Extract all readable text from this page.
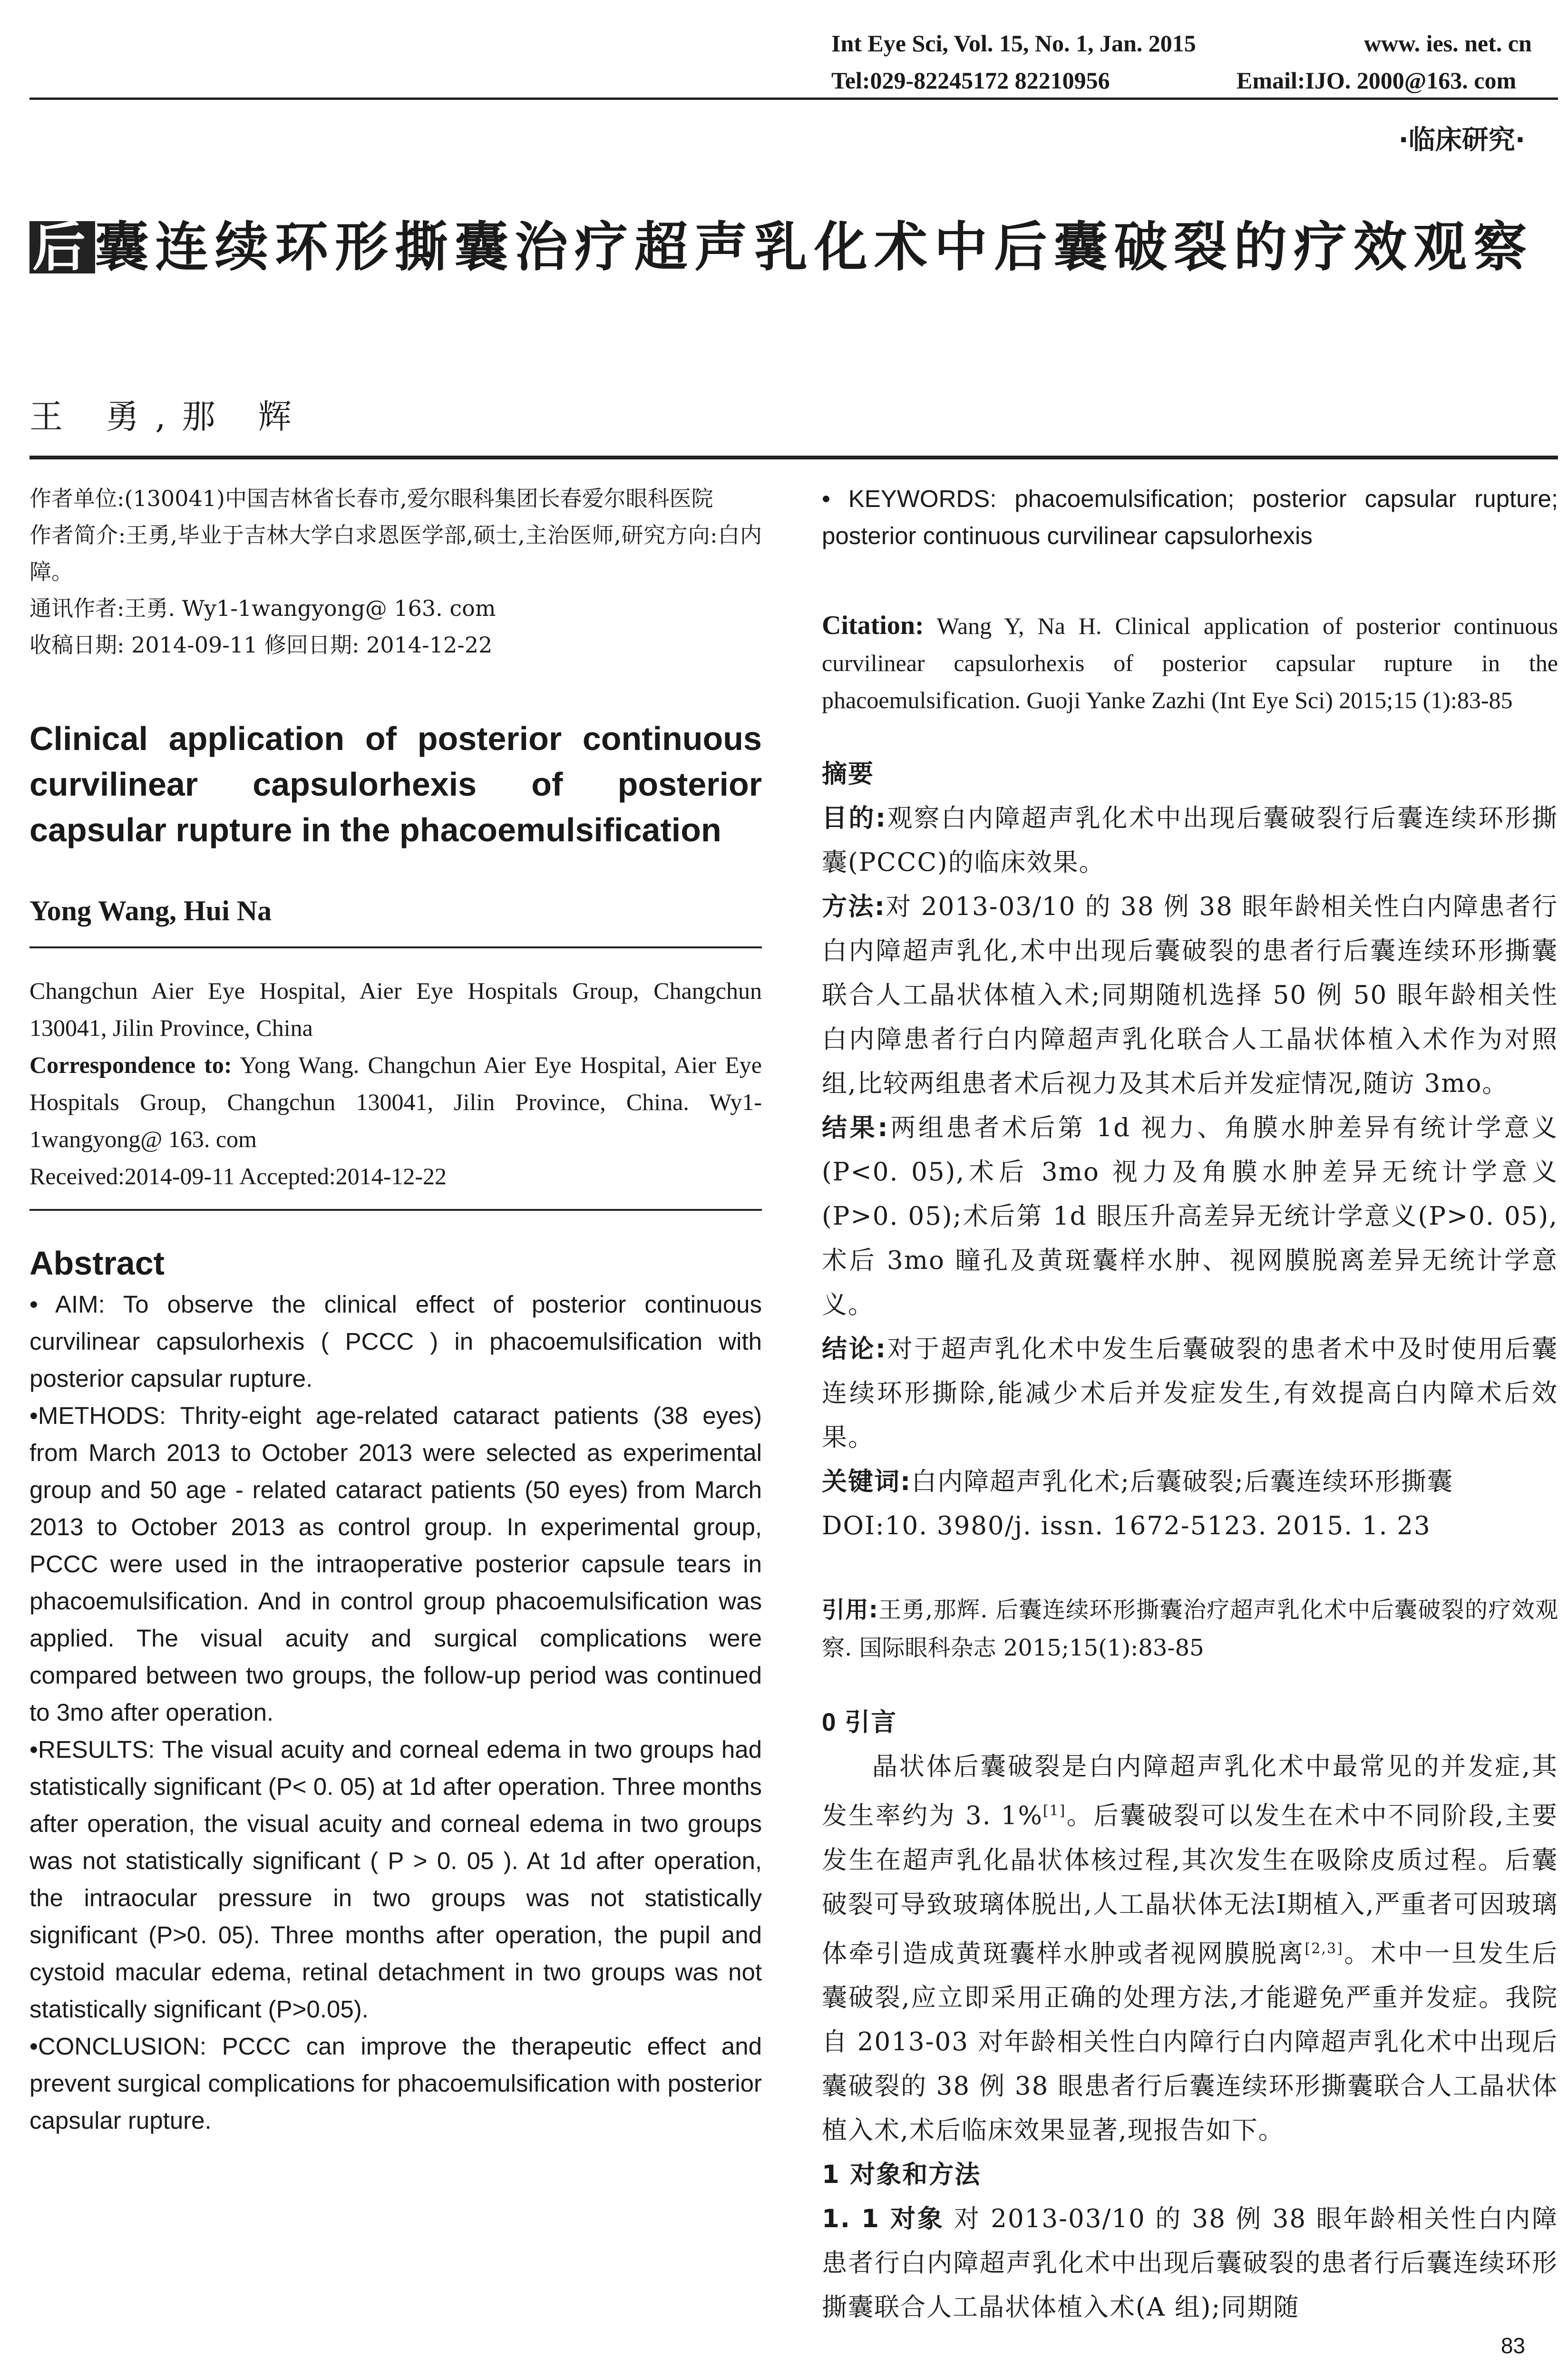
Int Eye Sci, Vol. 15, No. 1, Jan. 2015	www. ies. net. cn
Tel:029-82245172 82210956	Email:IJO. 2000@163. com
·临床研究·
后囊连续环形撕囊治疗超声乳化术中后囊破裂的疗效观察
王 勇,那 辉

作者单位:(130041)中国吉林省长春市,爱尔眼科集团长春爱尔眼科医院

作者简介:王勇,毕业于吉林大学白求恩医学部,硕士,主治医师,研究方向:白内障。

通讯作者:王勇. Wy1-1wangyong@ 163. com

收稿日期: 2014-09-11 修回日期: 2014-12-22

Clinical application of posterior continuous curvilinear capsulorhexis of posterior capsular rupture in the phacoemulsification
Yong Wang, Hui Na

Changchun Aier Eye Hospital, Aier Eye Hospitals Group, Changchun 130041, Jilin Province, China

Correspondence to: Yong Wang. Changchun Aier Eye Hospital, Aier Eye Hospitals Group, Changchun 130041, Jilin Province, China. Wy1-1wangyong@ 163. com

Received:2014-09-11 Accepted:2014-12-22

Abstract

• AIM: To observe the clinical effect of posterior continuous curvilinear capsulorhexis ( PCCC ) in phacoemulsification with posterior capsular rupture.

•METHODS: Thrity-eight age-related cataract patients (38 eyes) from March 2013 to October 2013 were selected as experimental group and 50 age - related cataract patients (50 eyes) from March 2013 to October 2013 as control group. In experimental group, PCCC were used in the intraoperative posterior capsule tears in phacoemulsification. And in control group phacoemulsification was applied. The visual acuity and surgical complications were compared between two groups, the follow-up period was continued to 3mo after operation.

•RESULTS: The visual acuity and corneal edema in two groups had statistically significant (P< 0. 05) at 1d after operation. Three months after operation, the visual acuity and corneal edema in two groups was not statistically significant ( P > 0. 05 ). At 1d after operation, the intraocular pressure in two groups was not statistically significant (P>0. 05). Three months after operation, the pupil and cystoid macular edema, retinal detachment in two groups was not statistically significant (P>0.05).

•CONCLUSION: PCCC can improve the therapeutic effect and prevent surgical complications for phacoemulsification with posterior capsular rupture.

• KEYWORDS: phacoemulsification; posterior capsular rupture; posterior continuous curvilinear capsulorhexis
Citation: Wang Y, Na H. Clinical application of posterior continuous curvilinear capsulorhexis of posterior capsular rupture in the phacoemulsification. Guoji Yanke Zazhi (Int Eye Sci) 2015;15 (1):83-85

摘要

目的:观察白内障超声乳化术中出现后囊破裂行后囊连续环形撕囊(PCCC)的临床效果。

方法:对 2013-03/10 的 38 例 38 眼年龄相关性白内障患者行白内障超声乳化,术中出现后囊破裂的患者行后囊连续环形撕囊联合人工晶状体植入术;同期随机选择 50 例 50 眼年龄相关性白内障患者行白内障超声乳化联合人工晶状体植入术作为对照组,比较两组患者术后视力及其术后并发症情况,随访 3mo。

结果:两组患者术后第 1d 视力、角膜水肿差异有统计学意义(P<0. 05),术后 3mo 视力及角膜水肿差异无统计学意义(P>0. 05);术后第 1d 眼压升高差异无统计学意义(P>0. 05),术后 3mo 瞳孔及黄斑囊样水肿、视网膜脱离差异无统计学意义。

结论:对于超声乳化术中发生后囊破裂的患者术中及时使用后囊连续环形撕除,能减少术后并发症发生,有效提高白内障术后效果。

关键词:白内障超声乳化术;后囊破裂;后囊连续环形撕囊

DOI:10. 3980/j. issn. 1672-5123. 2015. 1. 23

引用:王勇,那辉. 后囊连续环形撕囊治疗超声乳化术中后囊破裂的疗效观察. 国际眼科杂志 2015;15(1):83-85

0 引言

晶状体后囊破裂是白内障超声乳化术中最常见的并发症,其发生率约为 3. 1%[1]。后囊破裂可以发生在术中不同阶段,主要发生在超声乳化晶状体核过程,其次发生在吸除皮质过程。后囊破裂可导致玻璃体脱出,人工晶状体无法Ⅰ期植入,严重者可因玻璃体牵引造成黄斑囊样水肿或者视网膜脱离[2,3]。术中一旦发生后囊破裂,应立即采用正确的处理方法,才能避免严重并发症。我院自 2013-03 对年龄相关性白内障行白内障超声乳化术中出现后囊破裂的 38 例 38 眼患者行后囊连续环形撕囊联合人工晶状体植入术,术后临床效果显著,现报告如下。

1 对象和方法

1. 1 对象 对 2013-03/10 的 38 例 38 眼年龄相关性白内障患者行白内障超声乳化术中出现后囊破裂的患者行后囊连续环形撕囊联合人工晶状体植入术(A 组);同期随

83
